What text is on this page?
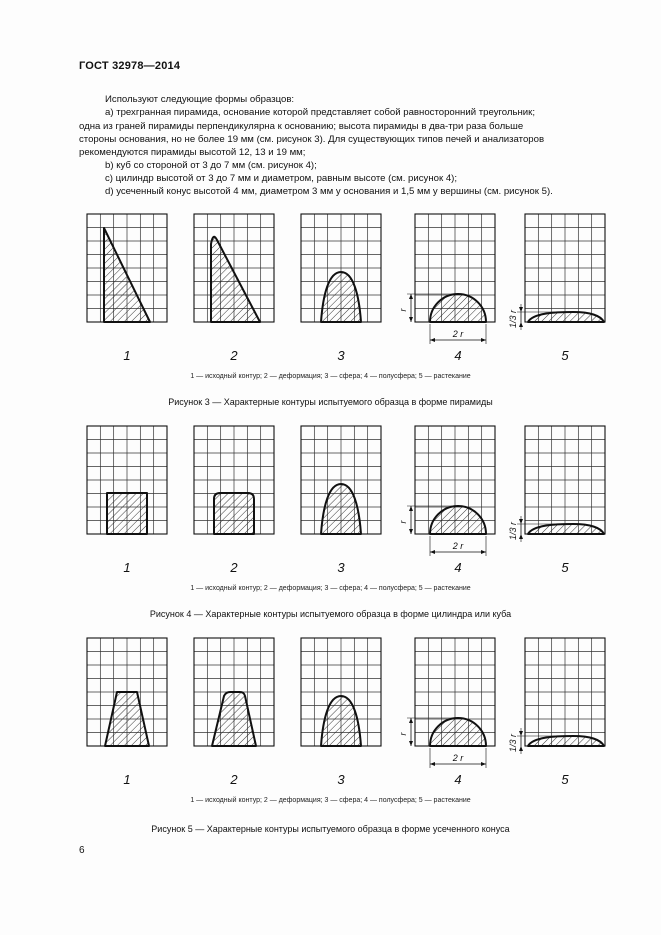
ГОСТ 32978—2014
Используют следующие формы образцов:
a) трехгранная пирамида, основание которой представляет собой равносторонний треугольник;
одна из граней пирамиды перпендикулярна к основанию; высота пирамиды в два-три раза больше
стороны основания, но не более 19 мм (см. рисунок 3). Для существующих типов печей и анализаторов
рекомендуются пирамиды высотой 12, 13 и 19 мм;
b) куб со стороной от 3 до 7 мм (см. рисунок 4);
c) цилиндр высотой от 3 до 7 мм и диаметром, равным высоте (см. рисунок 4);
d) усеченный конус высотой 4 мм, диаметром 3 мм у основания и 1,5 мм у вершины (см. рисунок 5).
r
2 r
1/3 r
1	2	3	4	5
r
2 r
1/3 r
1	2	3	4	5
r
2 r
1/3 r
1	2	3	4	5
1 — исходный контур; 2 — деформация; 3 — сфера; 4 — полусфера; 5 — растекание
Рисунок 3 — Характерные контуры испытуемого образца в форме пирамиды
1 — исходный контур; 2 — деформация; 3 — сфера; 4 — полусфера; 5 — растекание
Рисунок 4 — Характерные контуры испытуемого образца в форме цилиндра или куба
1 — исходный контур; 2 — деформация; 3 — сфера; 4 — полусфера; 5 — растекание
Рисунок 5 — Характерные контуры испытуемого образца в форме усеченного конуса
6
